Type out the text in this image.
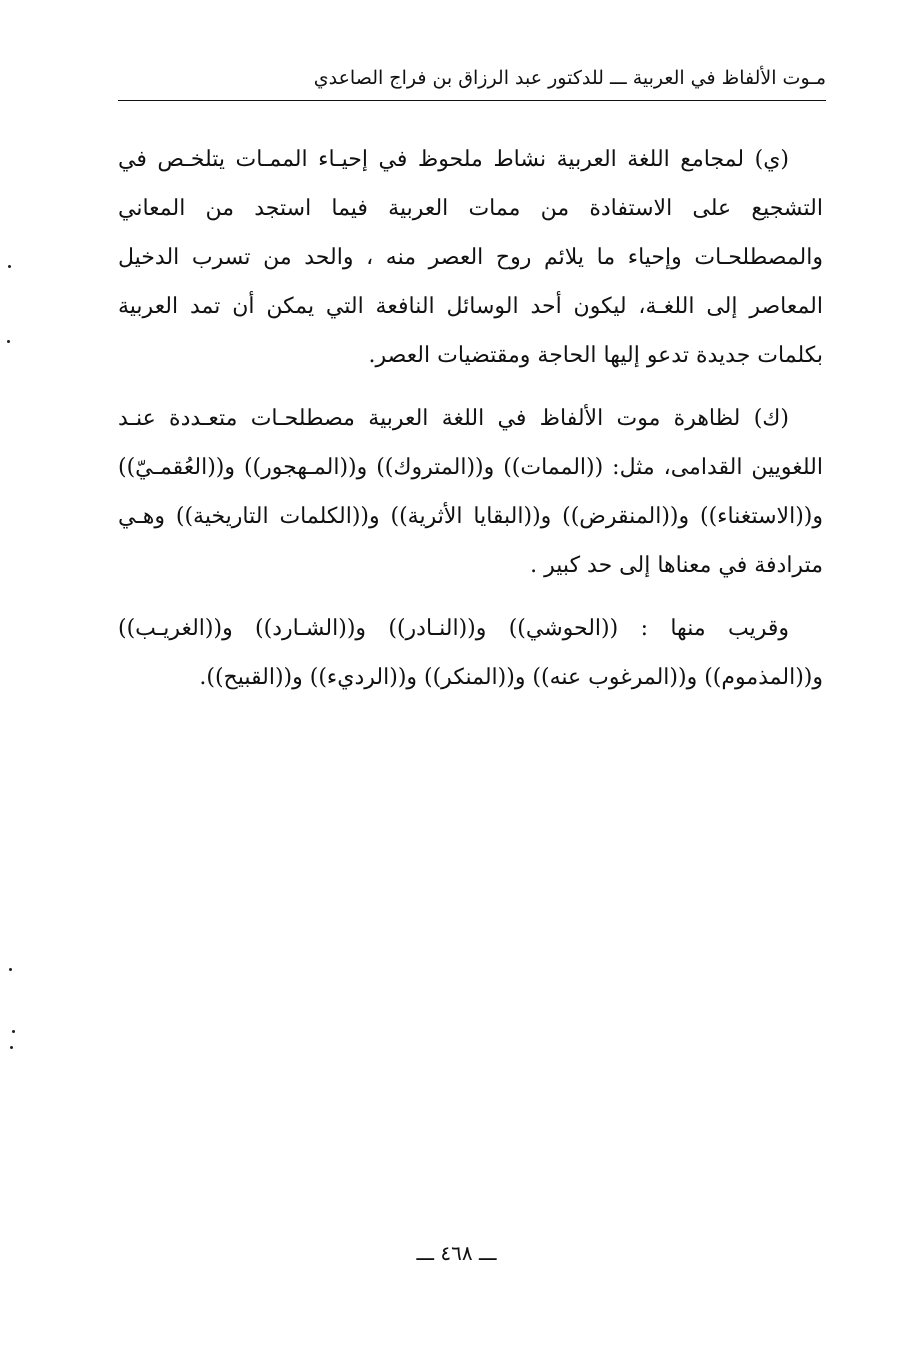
مـوت الألفاظ في العربية ـــ للدكتور عبد الرزاق بن فراج الصاعدي

(ي) لمجامع اللغة العربية نشاط ملحوظ في إحيـاء الممـات يتلخـص في التشجيع على الاستفادة من ممات العربية فيما استجد من المعاني والمصطلحـات وإحياء ما يلائم روح العصر منه ، والحد من تسرب الدخيل المعاصر إلى اللغـة، ليكون أحد الوسائل النافعة التي يمكن أن تمد العربية بكلمات جديدة تدعو إليها الحاجة ومقتضيات العصر.

(ك) لظاهرة موت الألفاظ في اللغة العربية مصطلحـات متعـددة عنـد اللغويين القدامى، مثل: ((الممات)) و((المتروك)) و((المـهجور)) و((العُقمـيّ)) و((الاستغناء)) و((المنقرض)) و((البقايا الأثرية)) و((الكلمات التاريخية)) وهـي مترادفة في معناها إلى حد كبير .

وقريب منها : ((الحوشي)) و((النـادر)) و((الشـارد)) و((الغريـب)) و((المذموم)) و((المرغوب عنه)) و((المنكر)) و((الرديء)) و((القبيح)).

ـــ ٤٦٨ ـــ
